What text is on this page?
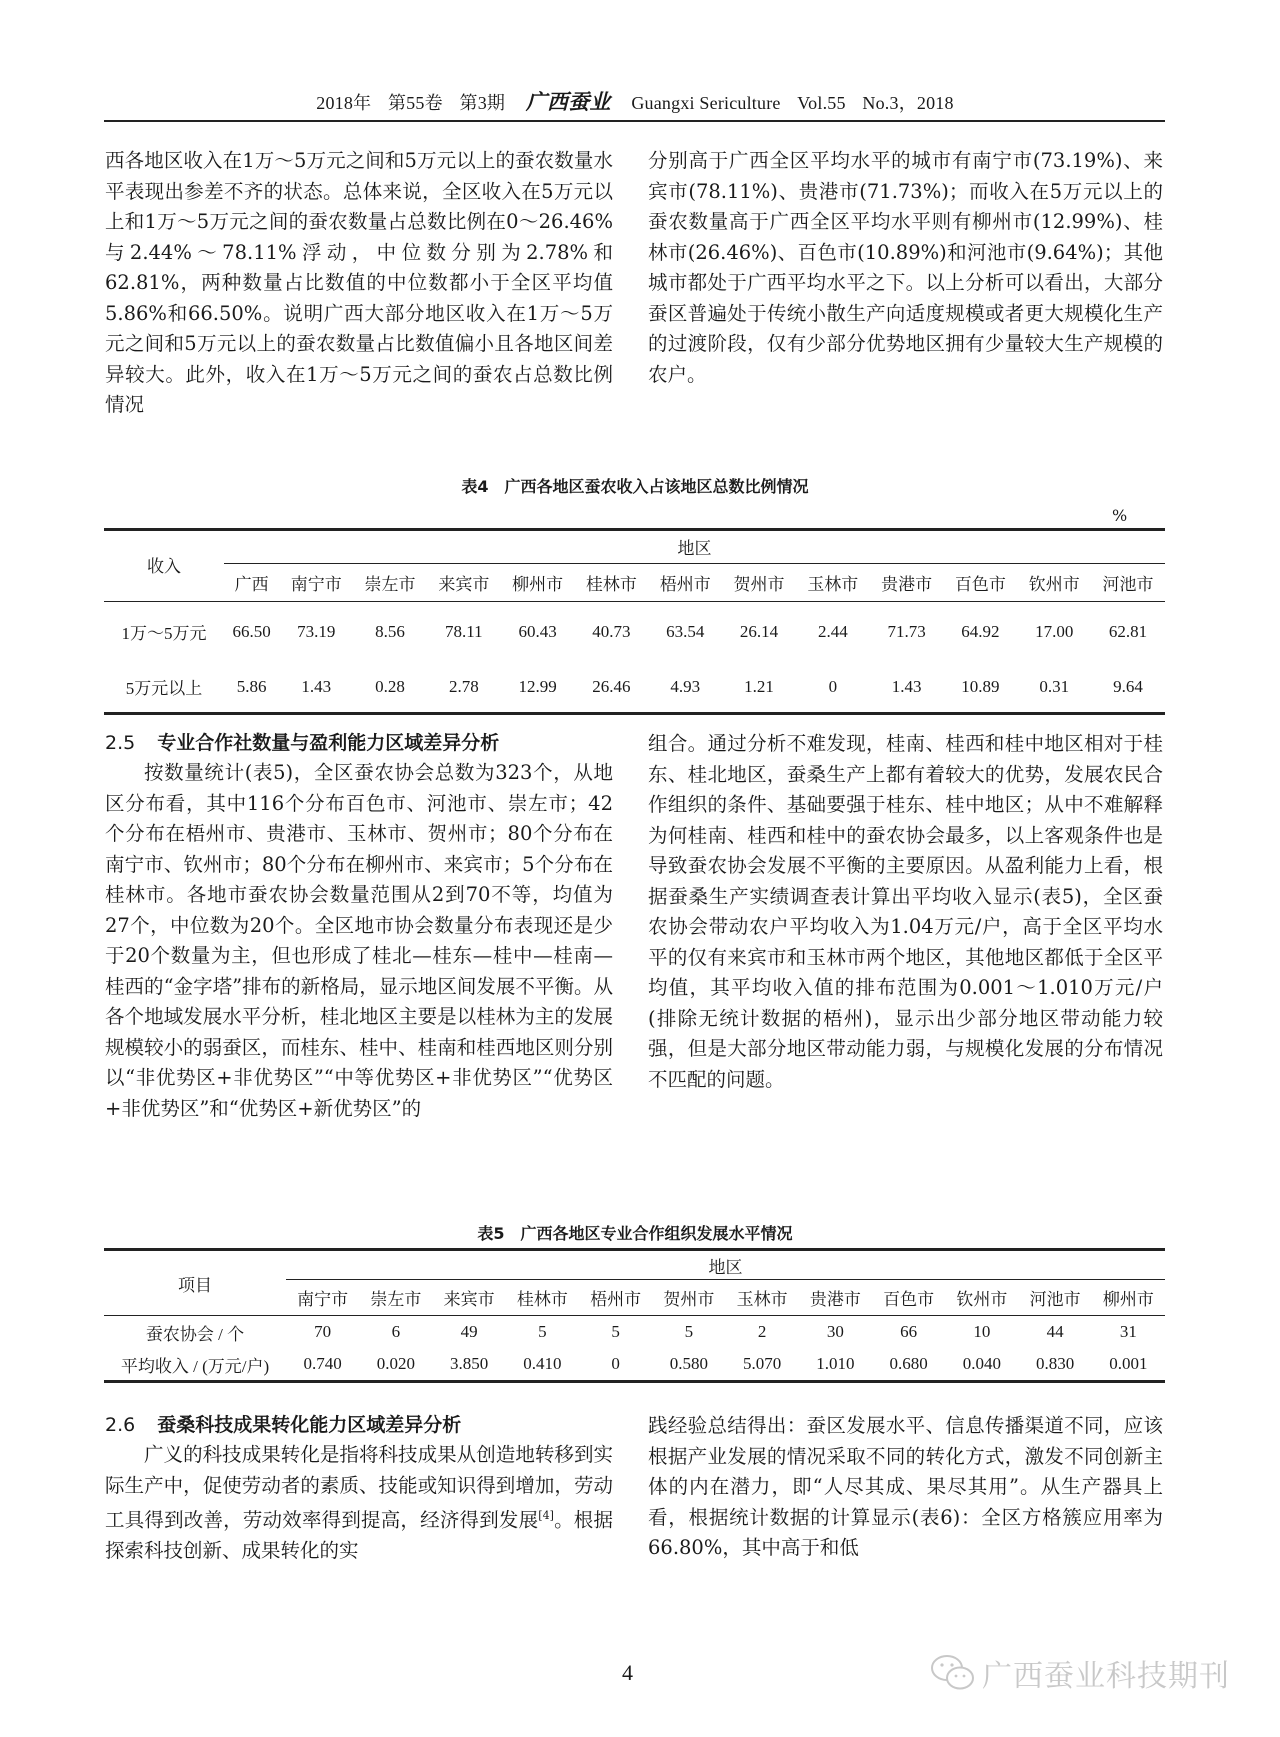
2018年 第55卷 第3期 广西蚕业 Guangxi Sericulture Vol.55 No.3，2018

西各地区收入在1万～5万元之间和5万元以上的蚕农数量水平表现出参差不齐的状态。总体来说，全区收入在5万元以上和1万～5万元之间的蚕农数量占总数比例在0～26.46%与2.44%～78.11%浮动，中位数分别为2.78%和62.81%，两种数量占比数值的中位数都小于全区平均值5.86%和66.50%。说明广西大部分地区收入在1万～5万元之间和5万元以上的蚕农数量占比数值偏小且各地区间差异较大。此外，收入在1万～5万元之间的蚕农占总数比例情况

分别高于广西全区平均水平的城市有南宁市(73.19%)、来宾市(78.11%)、贵港市(71.73%)；而收入在5万元以上的蚕农数量高于广西全区平均水平则有柳州市(12.99%)、桂林市(26.46%)、百色市(10.89%)和河池市(9.64%)；其他城市都处于广西平均水平之下。以上分析可以看出，大部分蚕区普遍处于传统小散生产向适度规模或者更大规模化生产的过渡阶段，仅有少部分优势地区拥有少量较大生产规模的农户。

表4　广西各地区蚕农收入占该地区总数比例情况
%
收入	地区												
	广西	南宁市	崇左市	来宾市	柳州市	桂林市	梧州市	贺州市	玉林市	贵港市	百色市	钦州市	河池市
1万～5万元	66.50	73.19	8.56	78.11	60.43	40.73	63.54	26.14	2.44	71.73	64.92	17.00	62.81
5万元以上	5.86	1.43	0.28	2.78	12.99	26.46	4.93	1.21	0	1.43	10.89	0.31	9.64
2.5 专业合作社数量与盈利能力区域差异分析

按数量统计(表5)，全区蚕农协会总数为323个，从地区分布看，其中116个分布百色市、河池市、崇左市；42个分布在梧州市、贵港市、玉林市、贺州市；80个分布在南宁市、钦州市；80个分布在柳州市、来宾市；5个分布在桂林市。各地市蚕农协会数量范围从2到70不等，均值为27个，中位数为20个。全区地市协会数量分布表现还是少于20个数量为主，但也形成了桂北—桂东—桂中—桂南—桂西的“金字塔”排布的新格局，显示地区间发展不平衡。从各个地域发展水平分析，桂北地区主要是以桂林为主的发展规模较小的弱蚕区，而桂东、桂中、桂南和桂西地区则分别以“非优势区+非优势区”“中等优势区+非优势区”“优势区+非优势区”和“优势区+新优势区”的

组合。通过分析不难发现，桂南、桂西和桂中地区相对于桂东、桂北地区，蚕桑生产上都有着较大的优势，发展农民合作组织的条件、基础要强于桂东、桂中地区；从中不难解释为何桂南、桂西和桂中的蚕农协会最多，以上客观条件也是导致蚕农协会发展不平衡的主要原因。从盈利能力上看，根据蚕桑生产实绩调查表计算出平均收入显示(表5)，全区蚕农协会带动农户平均收入为1.04万元/户，高于全区平均水平的仅有来宾市和玉林市两个地区，其他地区都低于全区平均值，其平均收入值的排布范围为0.001～1.010万元/户(排除无统计数据的梧州)，显示出少部分地区带动能力较强，但是大部分地区带动能力弱，与规模化发展的分布情况不匹配的问题。

表5　广西各地区专业合作组织发展水平情况
项目	地区											
	南宁市	崇左市	来宾市	桂林市	梧州市	贺州市	玉林市	贵港市	百色市	钦州市	河池市	柳州市
蚕农协会 / 个	70	6	49	5	5	5	2	30	66	10	44	31
平均收入 / (万元/户)	0.740	0.020	3.850	0.410	0	0.580	5.070	1.010	0.680	0.040	0.830	0.001
2.6 蚕桑科技成果转化能力区域差异分析

广义的科技成果转化是指将科技成果从创造地转移到实际生产中，促使劳动者的素质、技能或知识得到增加，劳动工具得到改善，劳动效率得到提高，经济得到发展[4]。根据探索科技创新、成果转化的实

践经验总结得出：蚕区发展水平、信息传播渠道不同，应该根据产业发展的情况采取不同的转化方式，激发不同创新主体的内在潜力，即“人尽其成、果尽其用”。从生产器具上看，根据统计数据的计算显示(表6)：全区方格簇应用率为66.80%，其中高于和低

4	广西蚕业科技期刊
